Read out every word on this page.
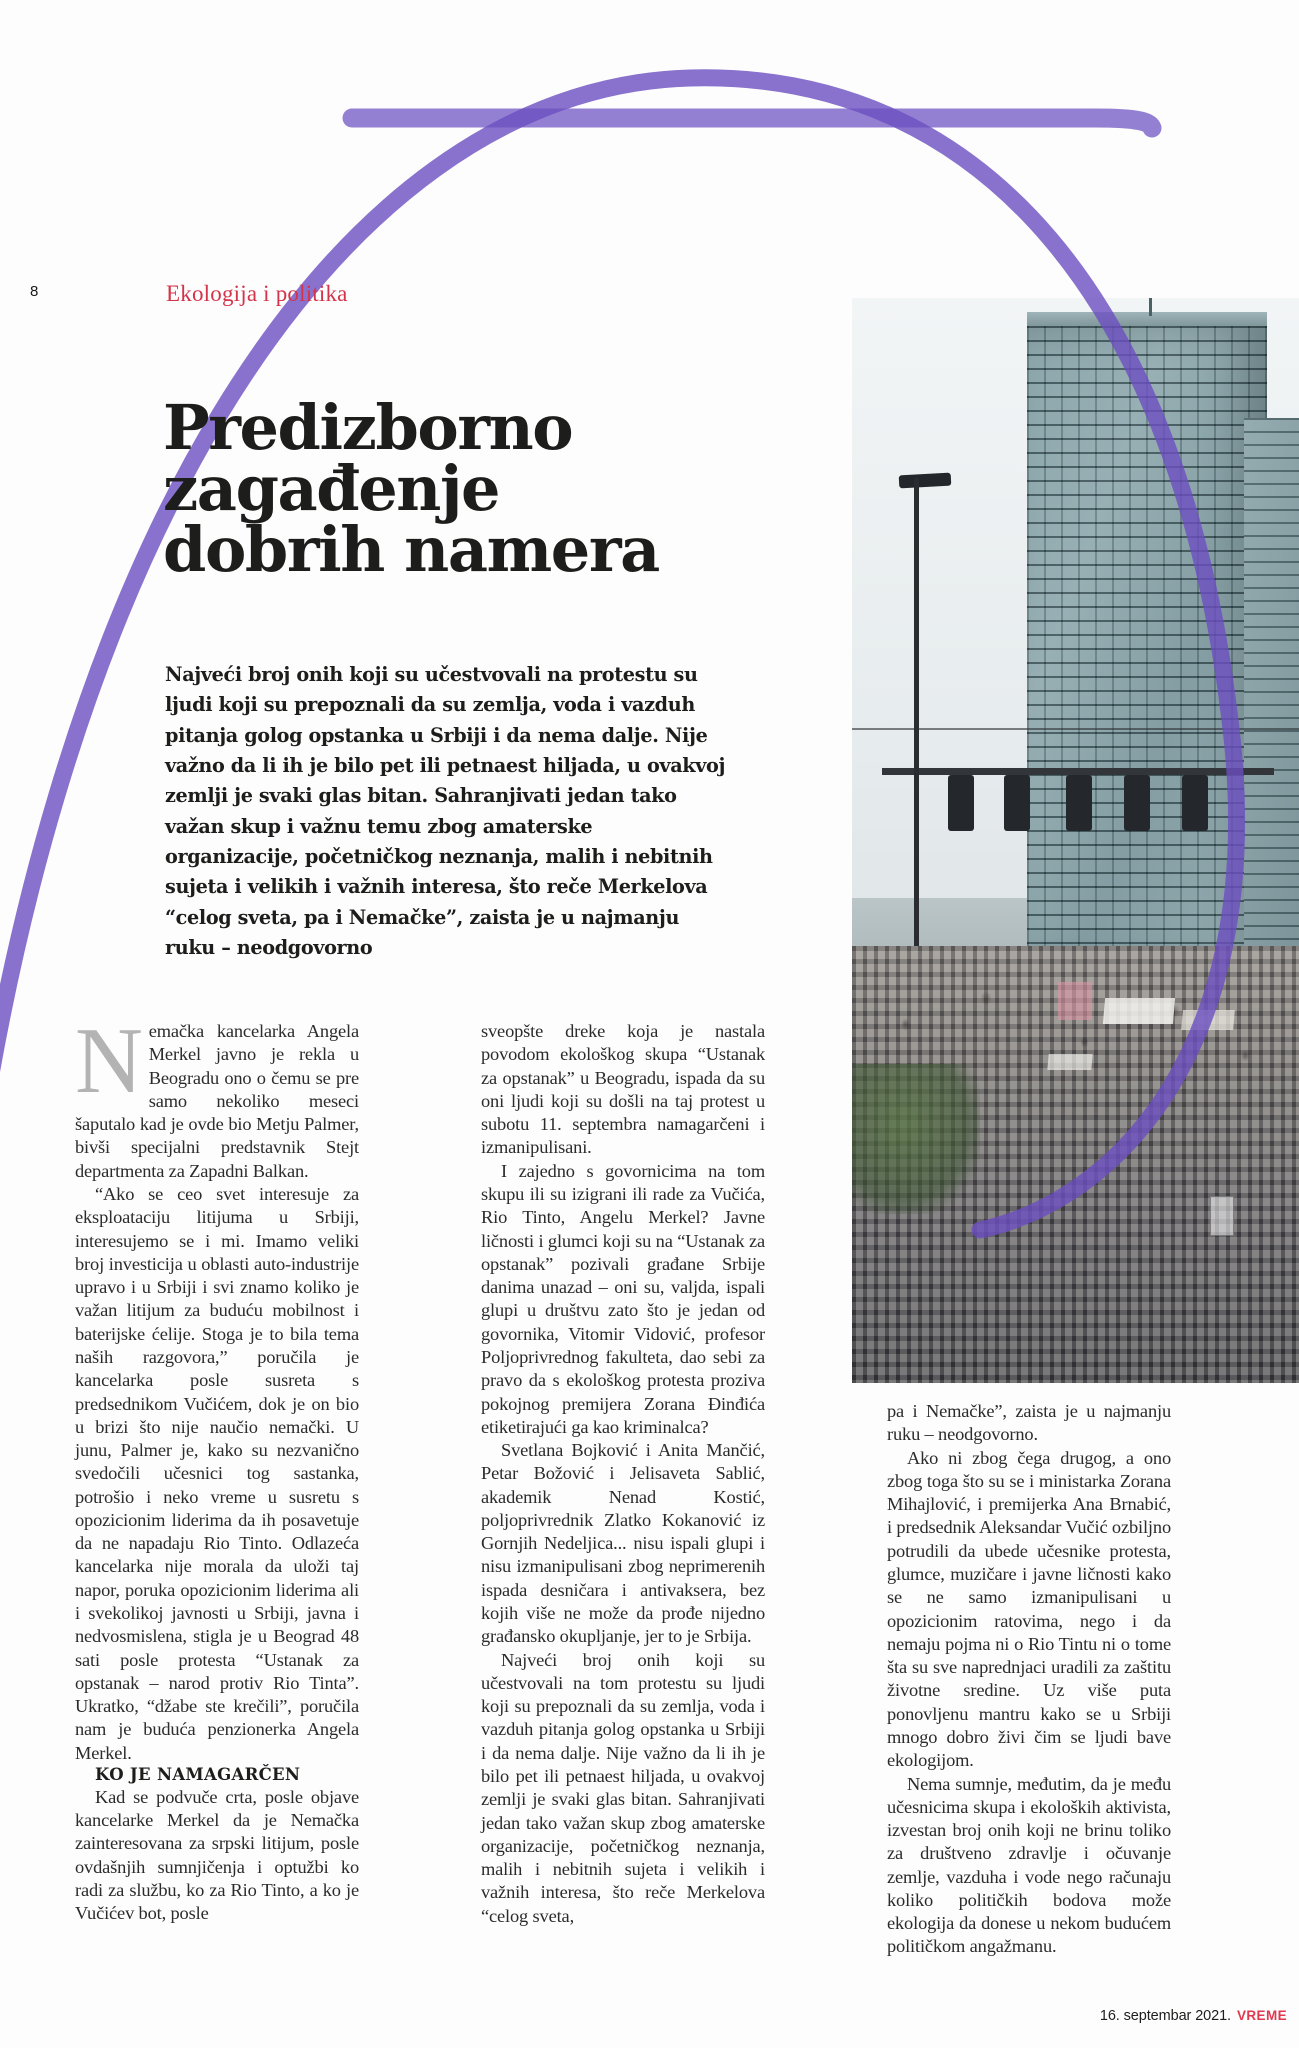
8	Ekologija i politika
Predizborno
zagađenje
dobrih namera
Najveći broj onih koji su učestvovali na protestu su ljudi koji su prepoznali da su zemlja, voda i vazduh pitanja golog opstanka u Srbiji i da nema dalje. Nije važno da li ih je bilo pet ili petnaest hiljada, u ovakvoj zemlji je svaki glas bitan. Sahranjivati jedan tako važan skup i važnu temu zbog amaterske organizacije, početničkog neznanja, malih i nebitnih sujeta i velikih i važnih interesa, što reče Merkelova “celog sveta, pa i Nemačke”, zaista je u najmanju ruku – neodgovorno

Nemačka kancelarka Angela Merkel javno je rekla u Beogradu ono o čemu se pre samo nekoliko meseci šaputalo kad je ovde bio Metju Palmer, bivši specijalni predstavnik Stejt departmenta za Zapadni Balkan.

“Ako se ceo svet interesuje za eksploataciju litijuma u Srbiji, interesujemo se i mi. Imamo veliki broj investicija u oblasti auto-industrije upravo i u Srbiji i svi znamo koliko je važan litijum za buduću mobilnost i baterijske ćelije. Stoga je to bila tema naših razgovora,” poručila je kancelarka posle susreta s predsednikom Vučićem, dok je on bio u brizi što nije naučio nemački. U junu, Palmer je, kako su nezvanično svedočili učesnici tog sastanka, potrošio i neko vreme u susretu s opozicionim liderima da ih posavetuje da ne napadaju Rio Tinto. Odlazeća kancelarka nije morala da uloži taj napor, poruka opozicionim liderima ali i svekolikoj javnosti u Srbiji, javna i nedvosmislena, stigla je u Beograd 48 sati posle protesta “Ustanak za opstanak – narod protiv Rio Tinta”. Ukratko, “džabe ste krečili”, poručila nam je buduća penzionerka Angela Merkel.

KO JE NAMAGARČEN

Kad se podvuče crta, posle objave kancelarke Merkel da je Nemačka zainteresovana za srpski litijum, posle ovdašnjih sumnjičenja i optužbi ko radi za službu, ko za Rio Tinto, a ko je Vučićev bot, posle

sveopšte dreke koja je nastala povodom ekološkog skupa “Ustanak za opstanak” u Beogradu, ispada da su oni ljudi koji su došli na taj protest u subotu 11. septembra namagarčeni i izmanipulisani.

I zajedno s govornicima na tom skupu ili su izigrani ili rade za Vučića, Rio Tinto, Angelu Merkel? Javne ličnosti i glumci koji su na “Ustanak za opstanak” pozivali građane Srbije danima unazad – oni su, valjda, ispali glupi u društvu zato što je jedan od govornika, Vitomir Vidović, profesor Poljoprivrednog fakulteta, dao sebi za pravo da s ekološkog protesta proziva pokojnog premijera Zorana Đinđića etiketirajući ga kao kriminalca?

Svetlana Bojković i Anita Mančić, Petar Božović i Jelisaveta Sablić, akademik Nenad Kostić, poljoprivrednik Zlatko Kokanović iz Gornjih Nedeljica... nisu ispali glupi i nisu izmanipulisani zbog neprimerenih ispada desničara i antivaksera, bez kojih više ne može da prođe nijedno građansko okupljanje, jer to je Srbija.

Najveći broj onih koji su učestvovali na tom protestu su ljudi koji su prepoznali da su zemlja, voda i vazduh pitanja golog opstanka u Srbiji i da nema dalje. Nije važno da li ih je bilo pet ili petnaest hiljada, u ovakvoj zemlji je svaki glas bitan. Sahranjivati jedan tako važan skup zbog amaterske organizacije, početničkog neznanja, malih i nebitnih sujeta i velikih i važnih interesa, što reče Merkelova “celog sveta,

pa i Nemačke”, zaista je u najmanju ruku – neodgovorno.

Ako ni zbog čega drugog, a ono zbog toga što su se i ministarka Zorana Mihajlović, i premijerka Ana Brnabić, i predsednik Aleksandar Vučić ozbiljno potrudili da ubede učesnike protesta, glumce, muzičare i javne ličnosti kako se ne samo izmanipulisani u opozicionim ratovima, nego i da nemaju pojma ni o Rio Tintu ni o tome šta su sve naprednjaci uradili za zaštitu životne sredine. Uz više puta ponovljenu mantru kako se u Srbiji mnogo dobro živi čim se ljudi bave ekologijom.

Nema sumnje, međutim, da je među učesnicima skupa i ekoloških aktivista, izvestan broj onih koji ne brinu toliko za društveno zdravlje i očuvanje zemlje, vazduha i vode nego računaju koliko političkih bodova može ekologija da donese u nekom budućem političkom angažmanu.

16. septembar 2021. VREME
